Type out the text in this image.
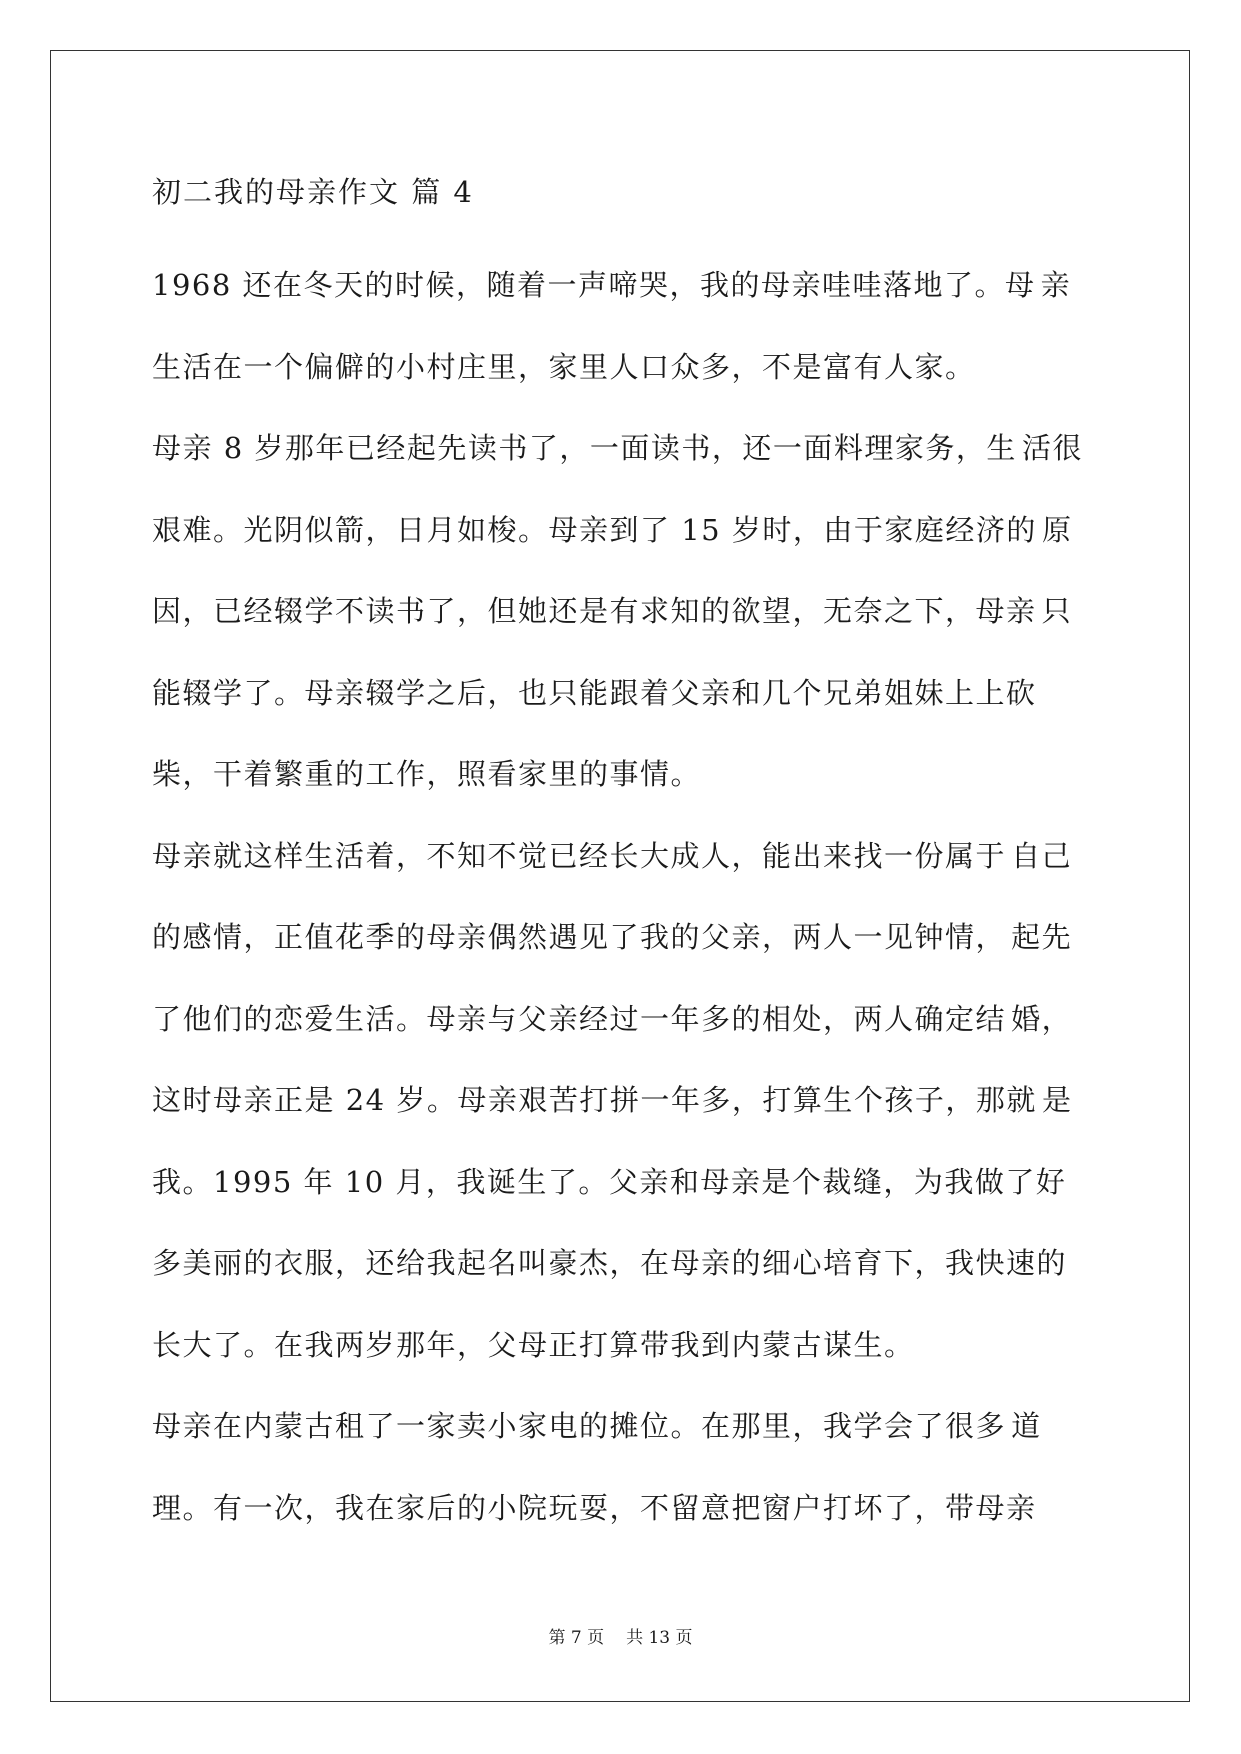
初二我的母亲作文 篇 4
1968 还在冬天的时候，随着一声啼哭，我的母亲哇哇落地了。母 亲生活在一个偏僻的小村庄里，家里人口众多，不是富有人家。
母亲 8 岁那年已经起先读书了，一面读书，还一面料理家务，生 活很艰难。光阴似箭，日月如梭。母亲到了 15 岁时，由于家庭经济的 原因，已经辍学不读书了，但她还是有求知的欲望，无奈之下，母亲 只能辍学了。母亲辍学之后，也只能跟着父亲和几个兄弟姐妹上上砍 柴，干着繁重的工作，照看家里的事情。
母亲就这样生活着，不知不觉已经长大成人，能出来找一份属于 自己的感情，正值花季的母亲偶然遇见了我的父亲，两人一见钟情， 起先了他们的恋爱生活。母亲与父亲经过一年多的相处，两人确定结 婚，这时母亲正是 24 岁。母亲艰苦打拼一年多，打算生个孩子，那就 是我。1995 年 10 月，我诞生了。父亲和母亲是个裁缝，为我做了好 多美丽的衣服，还给我起名叫豪杰，在母亲的细心培育下，我快速的 长大了。在我两岁那年，父母正打算带我到内蒙古谋生。
母亲在内蒙古租了一家卖小家电的摊位。在那里，我学会了很多 道理。有一次，我在家后的小院玩耍，不留意把窗户打坏了，带母亲
第 7 页 共 13 页
